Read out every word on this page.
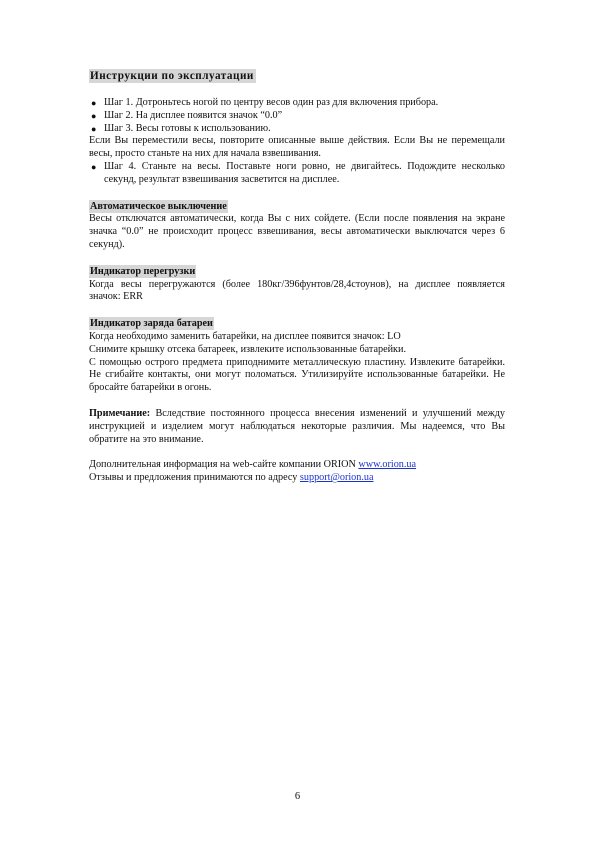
Инструкции по эксплуатации
● Шаг 1. Дотроньтесь ногой по центру весов один раз для включения прибора.
● Шаг 2. На дисплее появится значок “0.0”
● Шаг 3. Весы готовы к использованию.

Если Вы переместили весы, повторите описанные выше действия. Если Вы не перемещали весы, просто станьте на них для начала взвешивания.

● Шаг 4. Станьте на весы. Поставьте ноги ровно, не двигайтесь. Подождите несколько секунд, результат взвешивания засветится на дисплее.
Автоматическое выключение

Весы отключатся автоматически, когда Вы с них сойдете. (Если после появления на экране значка “0.0” не происходит процесс взвешивания, весы автоматически выключатся через 6 секунд).

Индикатор перегрузки

Когда весы перегружаются (более 180кг/396фунтов/28,4стоунов), на дисплее появляется значок: ERR

Индикатор заряда батареи

Когда необходимо заменить батарейки, на дисплее появится значок: LO

Снимите крышку отсека батареек, извлеките использованные батарейки.

С помощью острого предмета приподнимите металлическую пластину. Извлеките батарейки. Не сгибайте контакты, они могут поломаться. Утилизируйте использованные батарейки. Не бросайте батарейки в огонь.

Примечание: Вследствие постоянного процесса внесения изменений и улучшений между инструкцией и изделием могут наблюдаться некоторые различия. Мы надеемся, что Вы обратите на это внимание.

Дополнительная информация на web-сайте компании ORION www.orion.ua

Отзывы и предложения принимаются по адресу support@orion.ua

6
